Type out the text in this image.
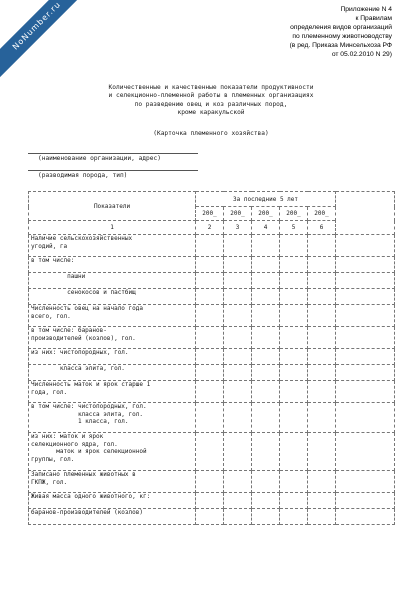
NoNumber.ru	Приложение N 4
к Правилам
определения видов организаций
по племенному животноводству
(в ред. Приказа Минсельхоза РФ
от 05.02.2010 N 29)
Количественные и качественные показатели продуктивности
и селекционно-племенной работы в племенных организациях
по разведению овец и коз различных пород,
кроме каракульской
(Карточка племенного хозяйства)
(наименование организации, адрес)
(разводимая порода, тип)
Показатели	За последние 5 лет					
	200_	200_	200_	200_	200_	
1	2	3	4	5	6	

Наличие сельскохозяйственных
угодий, га						

в том числе:						

пашни						

сенокосов и пастбищ						

Численность овец на начало года
всего, гол.						

в том числе: баранов-
производителей (козлов), гол.						

из них: чистопородных, гол.						

класса элита, гол.						

Численность маток и ярок старше 1
года, гол.						

в том числе: чистопородных, гол.
класса элита, гол.
1 класса, гол.						

из них: маток и ярок
селекционного ядра, гол.
маток и ярок селекционной
группы, гол.						

Записано племенных животных в
ГКПЖ, гол.						

Живая масса одного животного, кг:						

баранов-производителей (козлов)						
